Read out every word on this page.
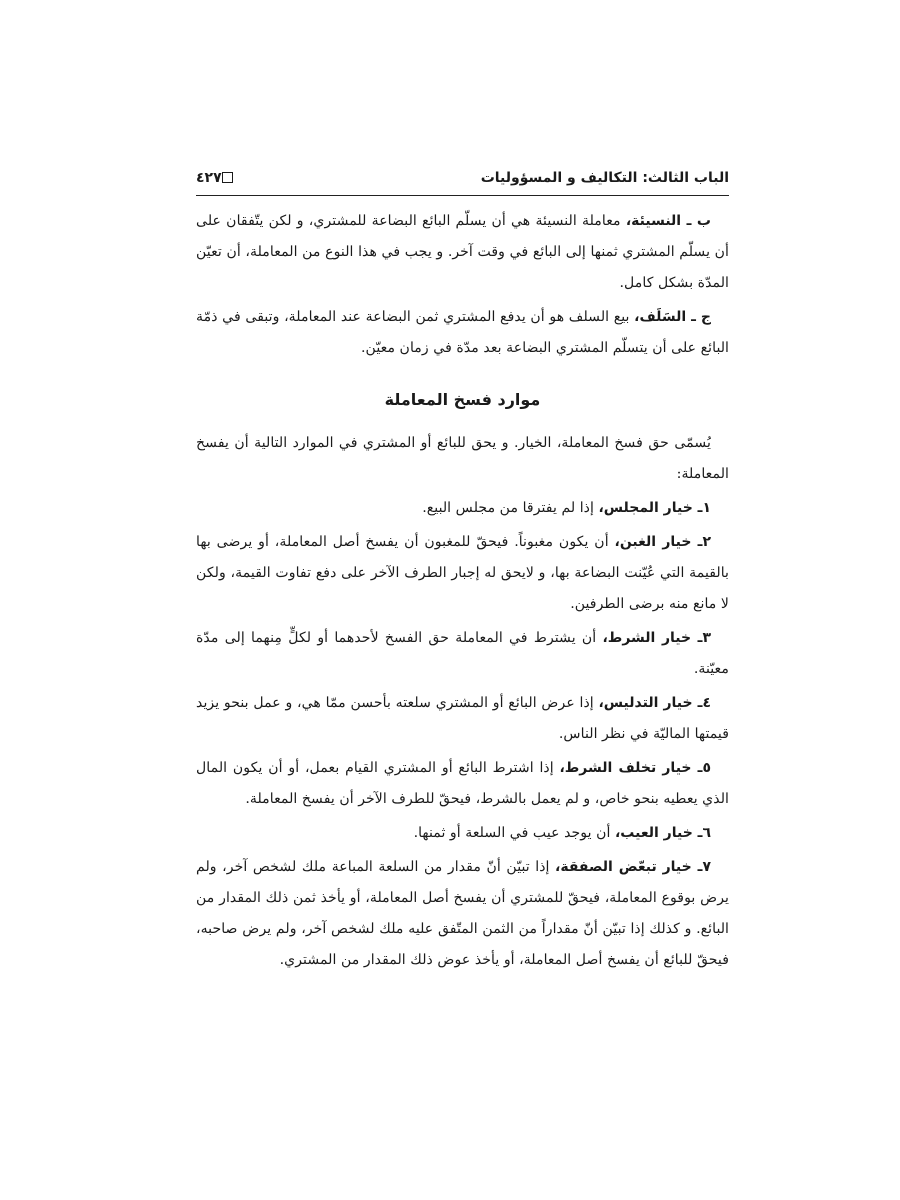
الباب الثالث: التكاليف و المسؤوليات
٤٢٧

ب ـ النسيئة، معاملة النسيئة هي أن يسلّم البائع البضاعة للمشتري، و لكن يتّفقان على أن يسلّم المشتري ثمنها إلى البائع في وقت آخر. و يجب في هذا النوع من المعاملة، أن تعيّن المدّة بشكل كامل.

ج ـ السَلَف، بيع السلف هو أن يدفع المشتري ثمن البضاعة عند المعاملة، وتبقى في ذمّة البائع على أن يتسلّم المشتري البضاعة بعد مدّة في زمان معيّن.

موارد فسخ المعاملة

يُسمّى حق فسخ المعاملة، الخيار. و يحق للبائع أو المشتري في الموارد التالية أن يفسخ المعاملة:

١ـ خيار المجلس، إذا لم يفترقا من مجلس البيع.

٢ـ خيار الغبن، أن يكون مغبوناً. فيحقّ للمغبون أن يفسخ أصل المعاملة، أو يرضى بها بالقيمة التي عُيّنت البضاعة بها، و لايحق له إجبار الطرف الآخر على دفع تفاوت القيمة، ولكن لا مانع منه برضى الطرفين.

٣ـ خيار الشرط، أن يشترط في المعاملة حق الفسخ لأحدهما أو لكلٍّ مِنهما إلى مدّة معيّنة.

٤ـ خيار التدليس، إذا عرض البائع أو المشتري سلعته بأحسن ممّا هي، و عمل بنحو يزيد قيمتها الماليّة في نظر الناس.

٥ـ خيار تخلف الشرط، إذا اشترط البائع أو المشتري القيام بعمل، أو أن يكون المال الذي يعطيه بنحو خاص، و لم يعمل بالشرط، فيحقّ للطرف الآخر أن يفسخ المعاملة.

٦ـ خيار العيب، أن يوجد عيب في السلعة أو ثمنها.

٧ـ خيار تبعّض الصفقة، إذا تبيّن أنّ مقدار من السلعة المباعة ملك لشخص آخر، ولم يرض بوقوع المعاملة، فيحقّ للمشتري أن يفسخ أصل المعاملة، أو يأخذ ثمن ذلك المقدار من البائع. و كذلك إذا تبيّن أنّ مقداراً من الثمن المتّفق عليه ملك لشخص آخر، ولم يرض صاحبه، فيحقّ للبائع أن يفسخ أصل المعاملة، أو يأخذ عوض ذلك المقدار من المشتري.
